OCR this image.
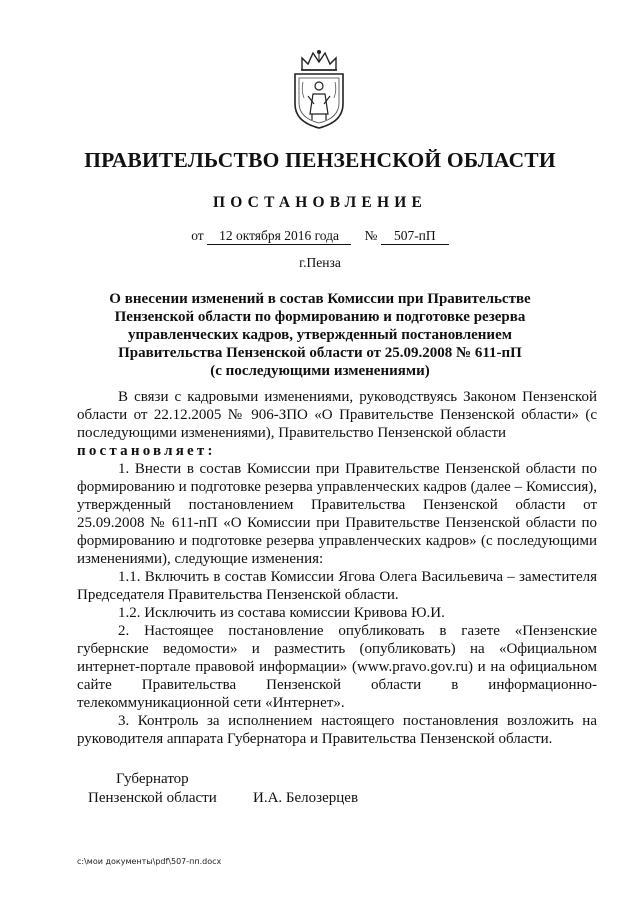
ПРАВИТЕЛЬСТВО ПЕНЗЕНСКОЙ ОБЛАСТИ
ПОСТАНОВЛЕНИЕ
от 12 октября 2016 года № 507-пП
г.Пенза
О внесении изменений в состав Комиссии при Правительстве
Пензенской области по формированию и подготовке резерва
управленческих кадров, утвержденный постановлением
Правительства Пензенской области от 25.09.2008 № 611-пП
(с последующими изменениями)

В связи с кадровыми изменениями, руководствуясь Законом Пензенской области от 22.12.2005 № 906-ЗПО «О Правительстве Пензенской области» (с последующими изменениями), Правительство Пензенской области

постановляет:

1. Внести в состав Комиссии при Правительстве Пензенской области по формированию и подготовке резерва управленческих кадров (далее – Комиссия), утвержденный постановлением Правительства Пензенской области от 25.09.2008 № 611-пП «О Комиссии при Правительстве Пензенской области по формированию и подготовке резерва управленческих кадров» (с последующими изменениями), следующие изменения:

1.1. Включить в состав Комиссии Ягова Олега Васильевича – заместителя Председателя Правительства Пензенской области.

1.2. Исключить из состава комиссии Кривова Ю.И.

2. Настоящее постановление опубликовать в газете «Пензенские губернские ведомости» и разместить (опубликовать) на «Официальном интернет-портале правовой информации» (www.pravo.gov.ru) и на официальном сайте Правительства Пензенской области в информационно-телекоммуникационной сети «Интернет».

3. Контроль за исполнением настоящего постановления возложить на руководителя аппарата Губернатора и Правительства Пензенской области.

Губернатор
Пензенской области И.А. Белозерцев
c:\мои документы\pdf\507-пп.docx
